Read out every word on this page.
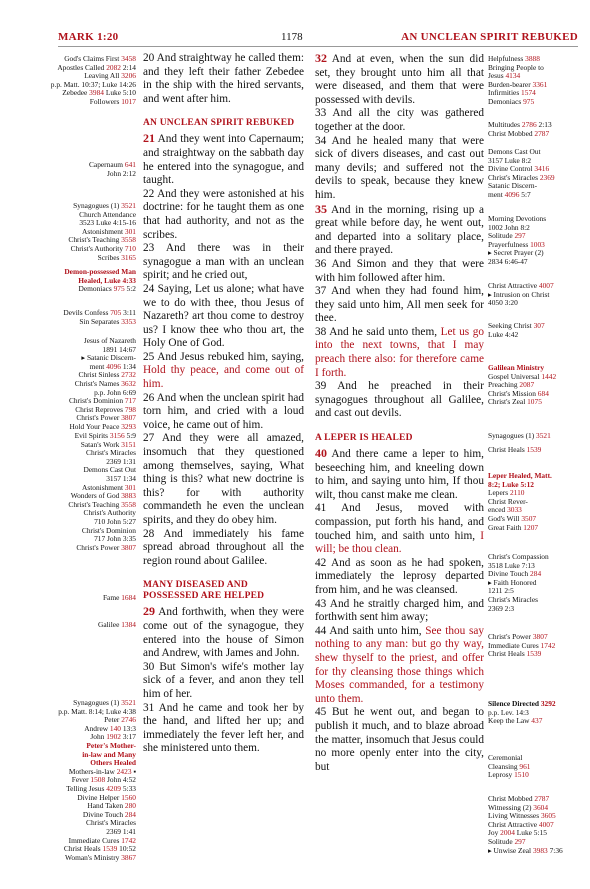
MARK 1:20	1178	AN UNCLEAN SPIRIT REBUKED
God's Claims First 3458
Apostles Called 2082 2:14
Leaving All 3206
p.p. Matt. 10:37; Luke 14:26
Zebedee 3984 Luke 5:10
Followers 1017
Capernaum 641
John 2:12
Synagogues (1) 3521
Church Attendance
3523 Luke 4:15-16
Astonishment 301
Christ's Teaching 3558
Christ's Authority 710
Scribes 3165
Demon-possessed Man
Healed, Luke 4:33
Demoniacs 975 5:2
Devils Confess 705 3:11
Sin Separates 3353
Jesus of Nazareth
1891 14:67
▸ Satanic Discern-
ment 4096 1:34
Christ Sinless 2732
Christ's Names 3632
p.p. John 6:69
Christ's Dominion 717
Christ Reproves 798
Christ's Power 3807
Hold Your Peace 3293
Evil Spirits 3156 5:9
Satan's Work 3151
Christ's Miracles
2369 1:31
Demons Cast Out
3157 1:34
Astonishment 301
Wonders of God 3883
Christ's Teaching 3558
Christ's Authority
710 John 5:27
Christ's Dominion
717 John 3:35
Christ's Power 3807
Fame 1684
Galilee 1384
Synagogues (1) 3521
p.p. Matt. 8:14; Luke 4:38
Peter 2746
Andrew 140 13:3
John 1902 3:17
Peter's Mother-
in-law and Many
Others Healed
Mothers-in-law 2423 ▪
Fever 1508 John 4:52
Telling Jesus 4209 5:33
Divine Helper 1560
Hand Taken 280
Divine Touch 284
Christ's Miracles
2369 1:41
Immediate Cures 1742
Christ Heals 1539 10:52
Woman's Ministry 3867
Helpfulness 3888
Bringing People to
Jesus 4134
Burden-bearer 3361
Infirmities 1574
Demoniacs 975
Multitudes 2786 2:13
Christ Mobbed 2787
Demons Cast Out
3157 Luke 8:2
Divine Control 3416
Christ's Miracles 2369
Satanic Discern-
ment 4096 5:7
Morning Devotions
1002 John 8:2
Solitude 297
Prayerfulness 1003
▸ Secret Prayer (2)
2834 6:46-47
Christ Attractive 4007
▸ Intrusion on Christ
4050 3:20
Seeking Christ 307
Luke 4:42
Galilean Ministry
Gospel Universal 1442
Preaching 2087
Christ's Mission 684
Christ's Zeal 1075
Synagogues (1) 3521
Christ Heals 1539
Leper Healed, Matt.
8:2; Luke 5:12
Lepers 2110
Christ Rever-
enced 3033
God's Will 3507
Great Faith 1207
Christ's Compassion
3518 Luke 7:13
Divine Touch 284
▸ Faith Honored
1211 2:5
Christ's Miracles
2369 2:3
Christ's Power 3807
Immediate Cures 1742
Christ Heals 1539
Silence Directed 3292
p.p. Lev. 14:3
Keep the Law 437
Ceremonial
Cleansing 961
Leprosy 1510
Christ Mobbed 2787
Witnessing (2) 3604
Living Witnesses 3605
Christ Attractive 4007
Joy 2004 Luke 5:15
Solitude 297
▸ Unwise Zeal 3983 7:36

20 And straightway he called them: and they left their father Zebedee in the ship with the hired servants, and went after him.

AN UNCLEAN SPIRIT REBUKED

21 And they went into Capernaum; and straightway on the sabbath day he entered into the synagogue, and taught.

22 And they were astonished at his doctrine: for he taught them as one that had authority, and not as the scribes.

23 And there was in their synagogue a man with an unclean spirit; and he cried out,

24 Saying, Let us alone; what have we to do with thee, thou Jesus of Nazareth? art thou come to destroy us? I know thee who thou art, the Holy One of God.

25 And Jesus rebuked him, saying, Hold thy peace, and come out of him.

26 And when the unclean spirit had torn him, and cried with a loud voice, he came out of him.

27 And they were all amazed, insomuch that they questioned among themselves, saying, What thing is this? what new doctrine is this? for with authority commandeth he even the unclean spirits, and they do obey him.

28 And immediately his fame spread abroad throughout all the region round about Galilee.

MANY DISEASED AND POSSESSED ARE HELPED

29 And forthwith, when they were come out of the synagogue, they entered into the house of Simon and Andrew, with James and John.

30 But Simon's wife's mother lay sick of a fever, and anon they tell him of her.

31 And he came and took her by the hand, and lifted her up; and immediately the fever left her, and she ministered unto them.

32 And at even, when the sun did set, they brought unto him all that were diseased, and them that were possessed with devils.

33 And all the city was gathered together at the door.

34 And he healed many that were sick of divers diseases, and cast out many devils; and suffered not the devils to speak, because they knew him.

35 And in the morning, rising up a great while before day, he went out, and departed into a solitary place, and there prayed.

36 And Simon and they that were with him followed after him.

37 And when they had found him, they said unto him, All men seek for thee.

38 And he said unto them, Let us go into the next towns, that I may preach there also: for therefore came I forth.

39 And he preached in their synagogues throughout all Galilee, and cast out devils.

A LEPER IS HEALED

40 And there came a leper to him, beseeching him, and kneeling down to him, and saying unto him, If thou wilt, thou canst make me clean.

41 And Jesus, moved with compassion, put forth his hand, and touched him, and saith unto him, I will; be thou clean.

42 And as soon as he had spoken, immediately the leprosy departed from him, and he was cleansed.

43 And he straitly charged him, and forthwith sent him away;

44 And saith unto him, See thou say nothing to any man: but go thy way, shew thyself to the priest, and offer for thy cleansing those things which Moses commanded, for a testimony unto them.

45 But he went out, and began to publish it much, and to blaze abroad the matter, insomuch that Jesus could no more openly enter into the city, but
